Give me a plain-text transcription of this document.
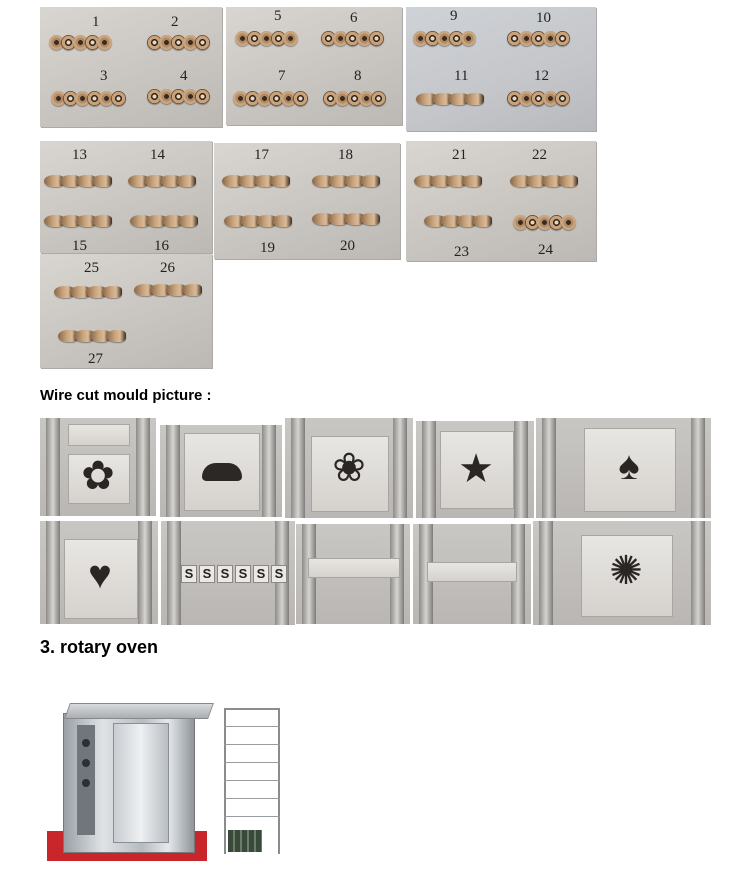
1	2
3	4
5	6
7	8
9	10
11	12
13	14
15	16
17	18
19	20
21	22
23	24
25	26
27
Wire cut mould picture :
✿	❀	★	♠
♥	S S S S S S	✺
3. rotary oven
